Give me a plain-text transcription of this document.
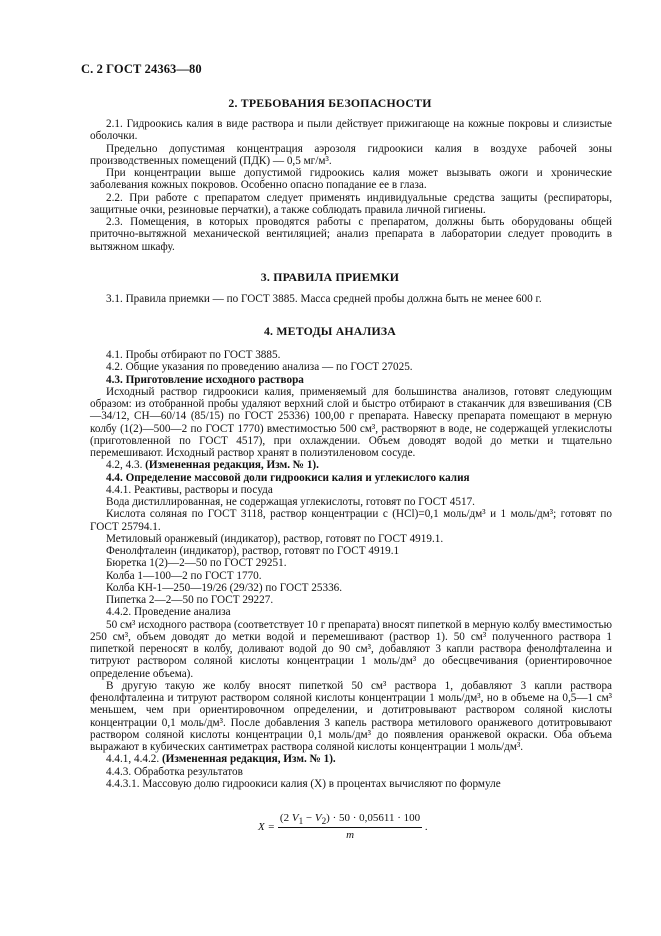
С. 2 ГОСТ 24363—80
2. ТРЕБОВАНИЯ БЕЗОПАСНОСТИ

2.1. Гидроокись калия в виде раствора и пыли действует прижигающе на кожные покровы и слизистые оболочки.

Предельно допустимая концентрация аэрозоля гидроокиси калия в воздухе рабочей зоны производственных помещений (ПДК) — 0,5 мг/м³.

При концентрации выше допустимой гидроокись калия может вызывать ожоги и хронические заболевания кожных покровов. Особенно опасно попадание ее в глаза.

2.2. При работе с препаратом следует применять индивидуальные средства защиты (респираторы, защитные очки, резиновые перчатки), а также соблюдать правила личной гигиены.

2.3. Помещения, в которых проводятся работы с препаратом, должны быть оборудованы общей приточно-вытяжной механической вентиляцией; анализ препарата в лаборатории следует проводить в вытяжном шкафу.

3. ПРАВИЛА ПРИЕМКИ

3.1. Правила приемки — по ГОСТ 3885. Масса средней пробы должна быть не менее 600 г.

4. МЕТОДЫ АНАЛИЗА

4.1. Пробы отбирают по ГОСТ 3885.

4.2. Общие указания по проведению анализа — по ГОСТ 27025.

4.3. Приготовление исходного раствора

Исходный раствор гидроокиси калия, применяемый для большинства анализов, готовят следующим образом: из отобранной пробы удаляют верхний слой и быстро отбирают в стаканчик для взвешивания (СВ—34/12, СН—60/14 (85/15) по ГОСТ 25336) 100,00 г препарата. Навеску препарата помещают в мерную колбу (1(2)—500—2 по ГОСТ 1770) вместимостью 500 см³, растворяют в воде, не содержащей углекислоты (приготовленной по ГОСТ 4517), при охлаждении. Объем доводят водой до метки и тщательно перемешивают. Исходный раствор хранят в полиэтиленовом сосуде.

4.2, 4.3. (Измененная редакция, Изм. № 1).

4.4. Определение массовой доли гидроокиси калия и углекислого калия

4.4.1. Реактивы, растворы и посуда

Вода дистиллированная, не содержащая углекислоты, готовят по ГОСТ 4517.

Кислота соляная по ГОСТ 3118, раствор концентрации с (HCl)=0,1 моль/дм³ и 1 моль/дм³; готовят по ГОСТ 25794.1.

Метиловый оранжевый (индикатор), раствор, готовят по ГОСТ 4919.1.

Фенолфталеин (индикатор), раствор, готовят по ГОСТ 4919.1

Бюретка 1(2)—2—50 по ГОСТ 29251.

Колба 1—100—2 по ГОСТ 1770.

Колба КН-1—250—19/26 (29/32) по ГОСТ 25336.

Пипетка 2—2—50 по ГОСТ 29227.

4.4.2. Проведение анализа

50 см³ исходного раствора (соответствует 10 г препарата) вносят пипеткой в мерную колбу вместимостью 250 см³, объем доводят до метки водой и перемешивают (раствор 1). 50 см³ полученного раствора 1 пипеткой переносят в колбу, доливают водой до 90 см³, добавляют 3 капли раствора фенолфталеина и титруют раствором соляной кислоты концентрации 1 моль/дм³ до обесцвечивания (ориентировочное определение объема).

В другую такую же колбу вносят пипеткой 50 см³ раствора 1, добавляют 3 капли раствора фенолфталеина и титруют раствором соляной кислоты концентрации 1 моль/дм³, но в объеме на 0,5—1 см³ меньшем, чем при ориентировочном определении, и дотитровывают раствором соляной кислоты концентрации 0,1 моль/дм³. После добавления 3 капель раствора метилового оранжевого дотитровывают раствором соляной кислоты концентрации 0,1 моль/дм³ до появления оранжевой окраски. Оба объема выражают в кубических сантиметрах раствора соляной кислоты концентрации 1 моль/дм³.

4.4.1, 4.4.2. (Измененная редакция, Изм. № 1).

4.4.3. Обработка результатов

4.4.3.1. Массовую долю гидроокиси калия (X) в процентах вычисляют по формуле

$X = \frac{(2 V_1 - V_2) \cdot 50 \cdot 0,05611 \cdot 100}{m}$ .
